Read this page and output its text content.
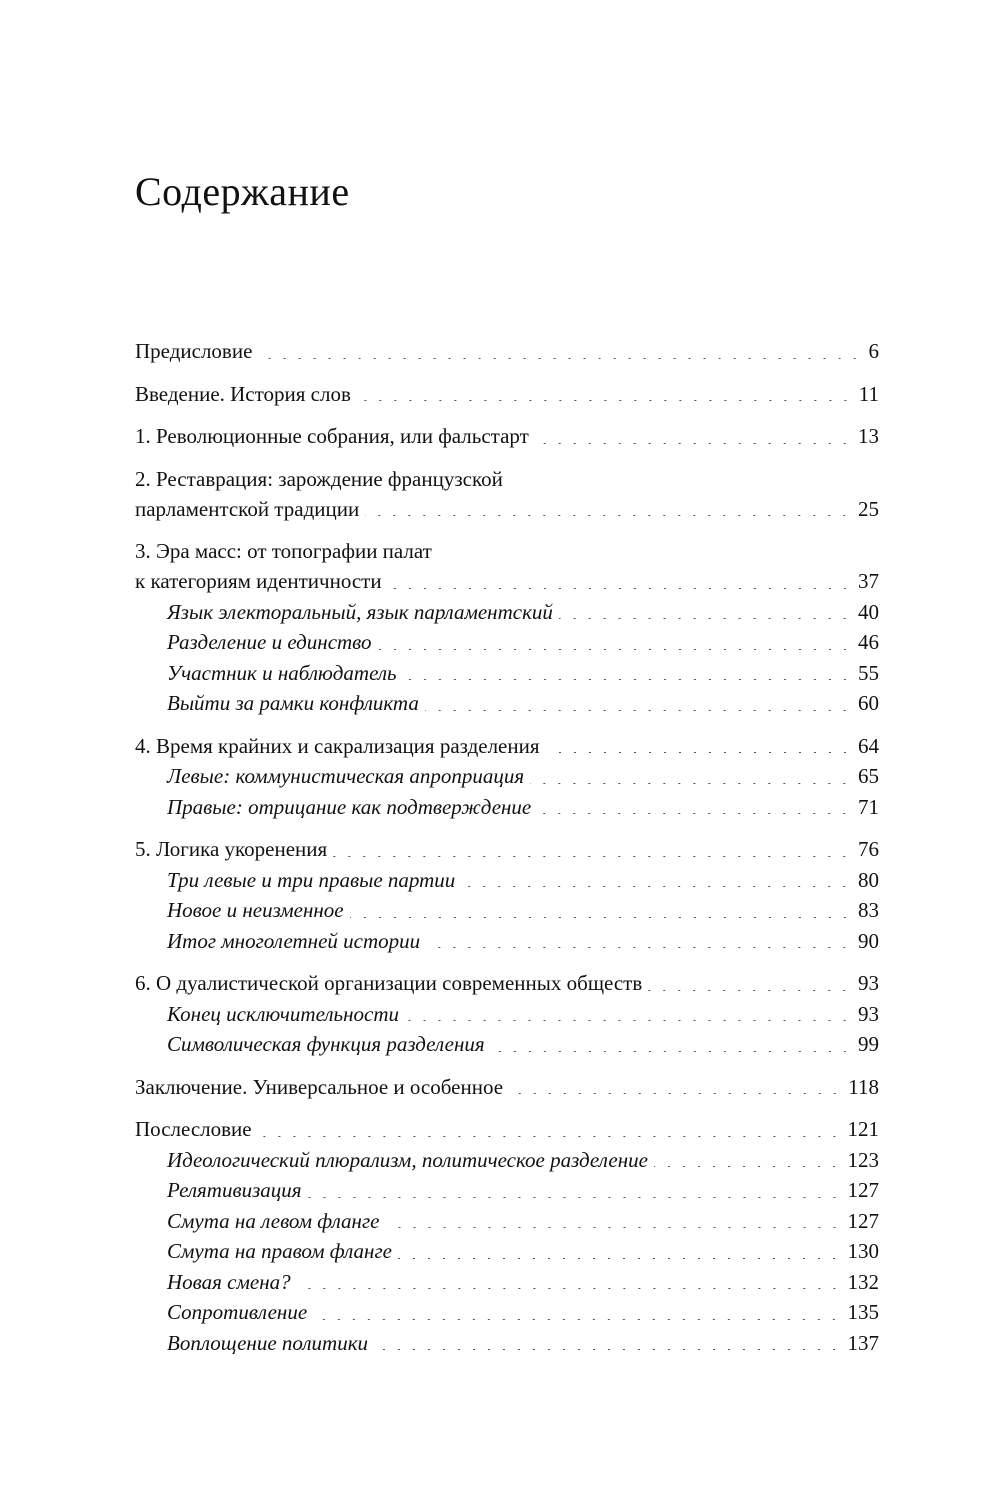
Содержание
Предисловие	6
Введение. История слов	11
1. Революционные собрания, или фальстарт	13
2. Реставрация: зарождение французской
парламентской традиции	25
3. Эра масс: от топографии палат
к категориям идентичности	37
Язык электоральный, язык парламентский	40
Разделение и единство	46
Участник и наблюдатель	55
Выйти за рамки конфликта	60
4. Время крайних и сакрализация разделения	64
Левые: коммунистическая апроприация	65
Правые: отрицание как подтверждение	71
5. Логика укоренения	76
Три левые и три правые партии	80
Новое и неизменное	83
Итог многолетней истории	90
6. О дуалистической организации современных обществ	93
Конец исключительности	93
Символическая функция разделения	99
Заключение. Универсальное и особенное	118
Послесловие	121
Идеологический плюрализм, политическое разделение	123
Релятивизация	127
Смута на левом фланге	127
Смута на правом фланге	130
Новая смена?	132
Сопротивление	135
Воплощение политики	137
